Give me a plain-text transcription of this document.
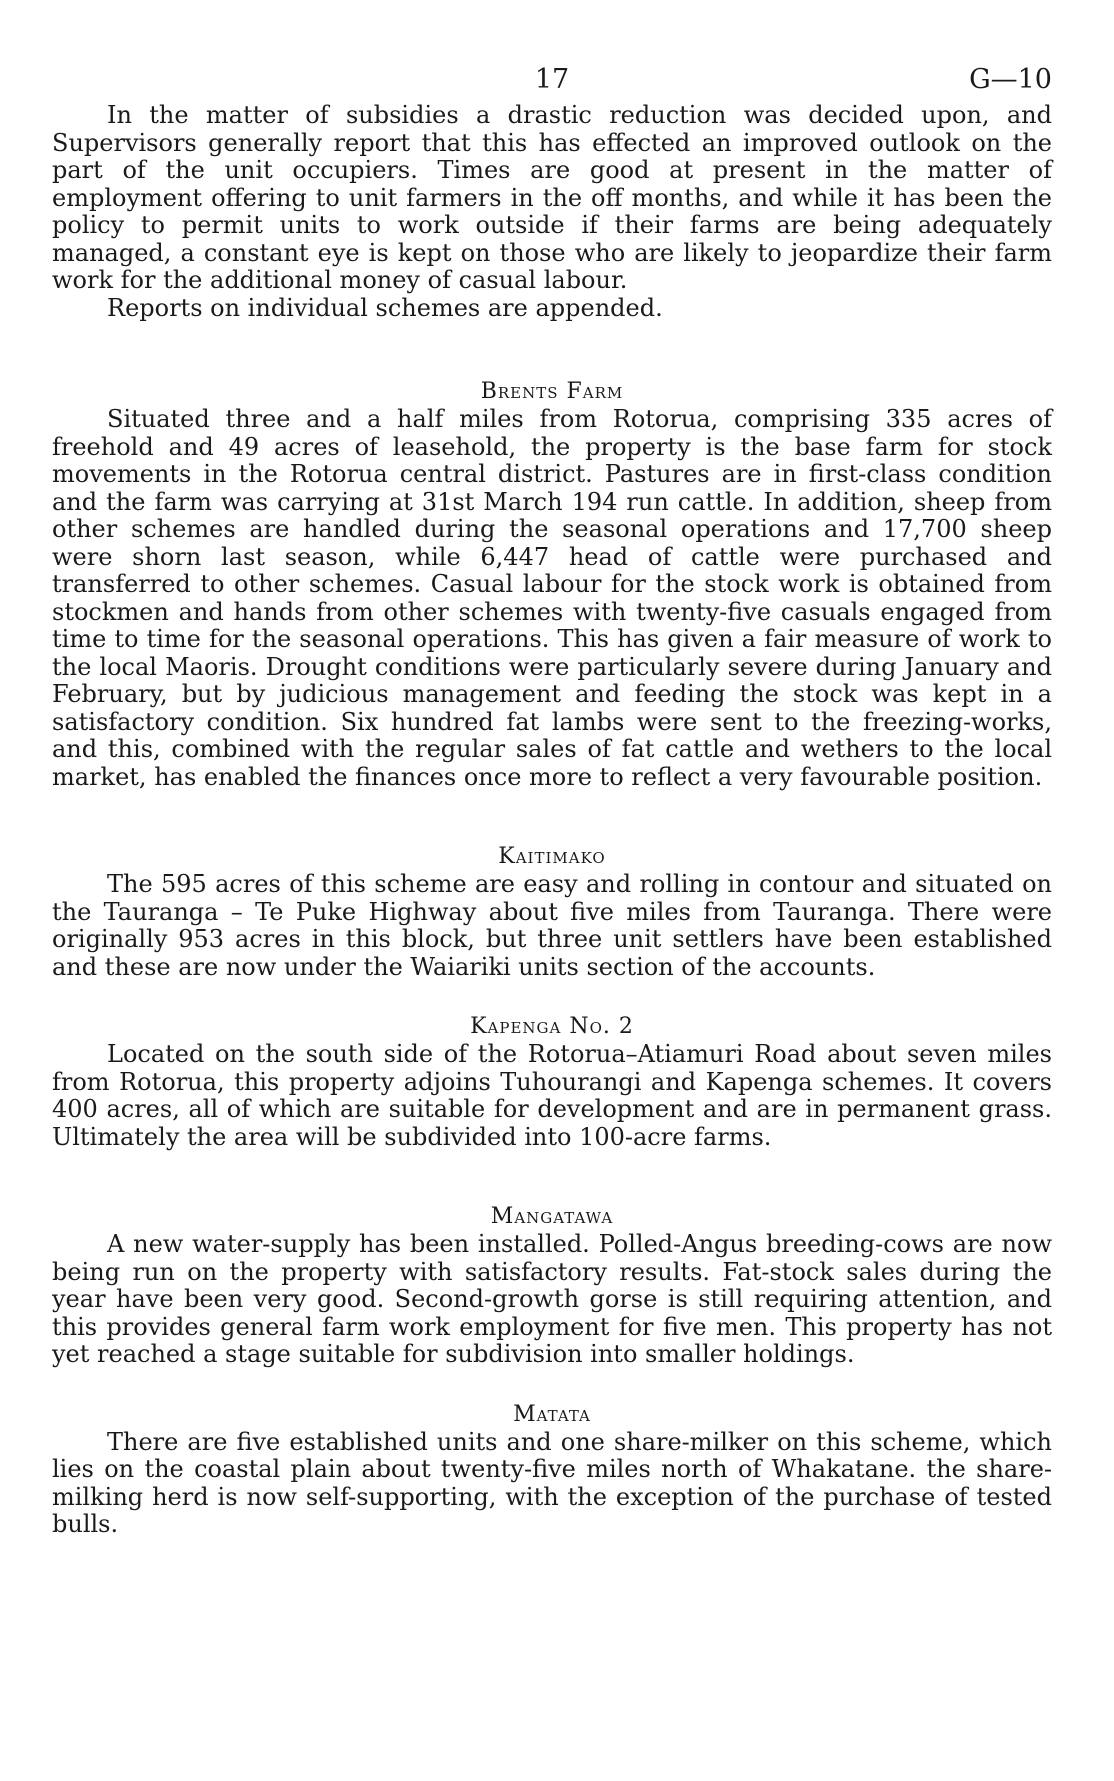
17	G—10

In the matter of subsidies a drastic reduction was decided upon, and Supervisors generally report that this has effected an improved outlook on the part of the unit occupiers. Times are good at present in the matter of employment offering to unit farmers in the off months, and while it has been the policy to permit units to work outside if their farms are being adequately managed, a constant eye is kept on those who are likely to jeopardize their farm work for the additional money of casual labour.

Reports on individual schemes are appended.

Brents Farm

Situated three and a half miles from Rotorua, comprising 335 acres of freehold and 49 acres of leasehold, the property is the base farm for stock movements in the Rotorua central district. Pastures are in first-class condition and the farm was carrying at 31st March 194 run cattle. In addition, sheep from other schemes are handled during the seasonal operations and 17,700 sheep were shorn last season, while 6,447 head of cattle were purchased and transferred to other schemes. Casual labour for the stock work is obtained from stockmen and hands from other schemes with twenty-five casuals engaged from time to time for the seasonal operations. This has given a fair measure of work to the local Maoris. Drought conditions were particularly severe during January and February, but by judicious management and feeding the stock was kept in a satisfactory condition. Six hundred fat lambs were sent to the freezing-works, and this, combined with the regular sales of fat cattle and wethers to the local market, has enabled the finances once more to reflect a very favourable position.

Kaitimako

The 595 acres of this scheme are easy and rolling in contour and situated on the Tauranga – Te Puke Highway about five miles from Tauranga. There were originally 953 acres in this block, but three unit settlers have been established and these are now under the Waiariki units section of the accounts.

Kapenga No. 2

Located on the south side of the Rotorua–Atiamuri Road about seven miles from Rotorua, this property adjoins Tuhourangi and Kapenga schemes. It covers 400 acres, all of which are suitable for development and are in permanent grass. Ultimately the area will be subdivided into 100-acre farms.

Mangatawa

A new water-supply has been installed. Polled-Angus breeding-cows are now being run on the property with satisfactory results. Fat-stock sales during the year have been very good. Second-growth gorse is still requiring attention, and this provides general farm work employment for five men. This property has not yet reached a stage suitable for subdivision into smaller holdings.

Matata

There are five established units and one share-milker on this scheme, which lies on the coastal plain about twenty-five miles north of Whakatane. the share-milking herd is now self-supporting, with the exception of the purchase of tested bulls.
